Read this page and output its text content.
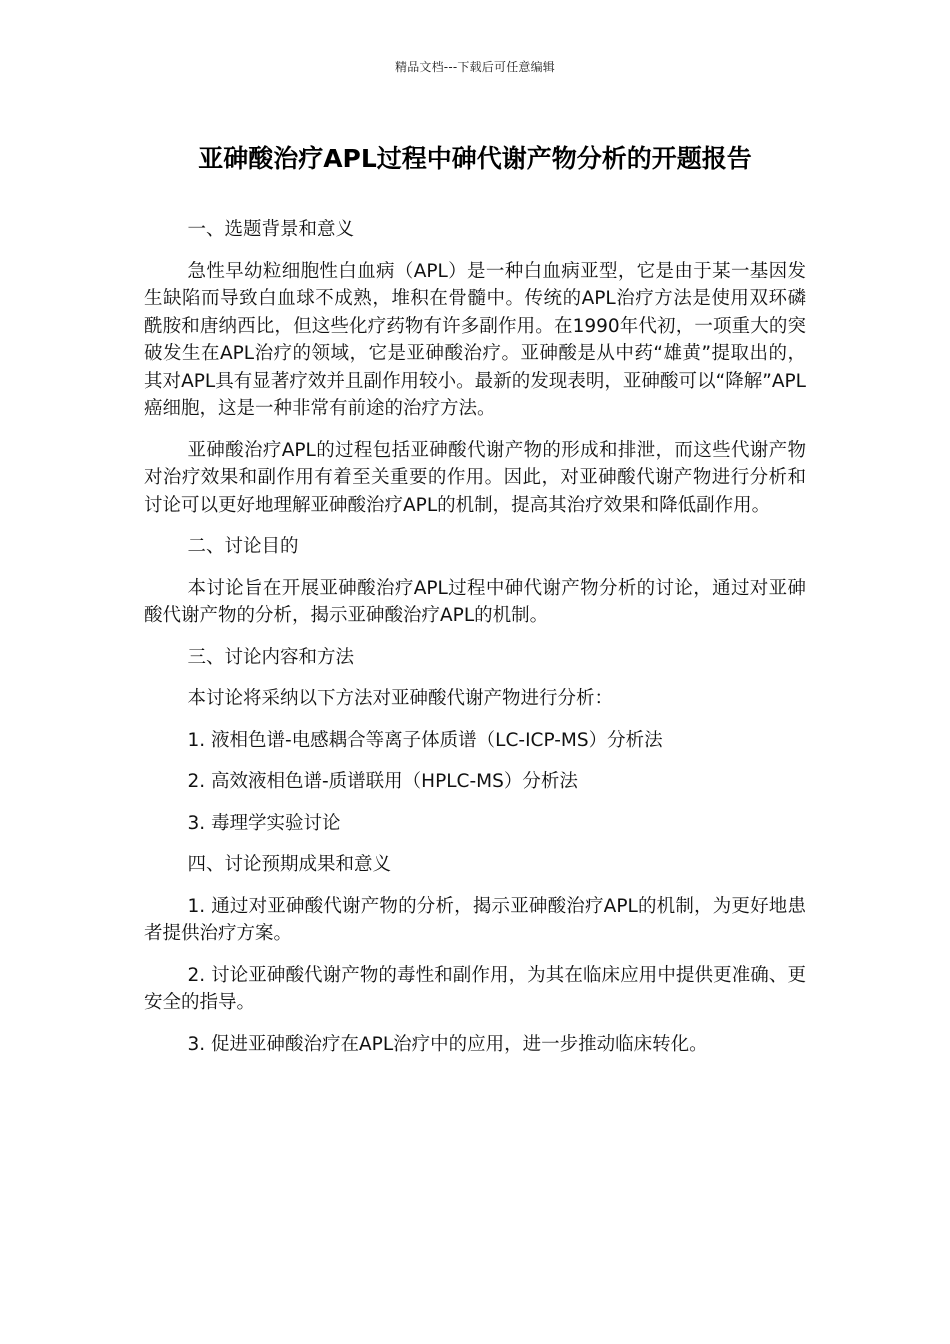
精品文档---下载后可任意编辑
亚砷酸治疗APL过程中砷代谢产物分析的开题报告

一、选题背景和意义

急性早幼粒细胞性白血病（APL）是一种白血病亚型，它是由于某一基因发生缺陷而导致白血球不成熟，堆积在骨髓中。传统的APL治疗方法是使用双环磷酰胺和唐纳西比，但这些化疗药物有许多副作用。在1990年代初，一项重大的突破发生在APL治疗的领域，它是亚砷酸治疗。亚砷酸是从中药“雄黄”提取出的，其对APL具有显著疗效并且副作用较小。最新的发现表明，亚砷酸可以“降解”APL癌细胞，这是一种非常有前途的治疗方法。

亚砷酸治疗APL的过程包括亚砷酸代谢产物的形成和排泄，而这些代谢产物对治疗效果和副作用有着至关重要的作用。因此，对亚砷酸代谢产物进行分析和讨论可以更好地理解亚砷酸治疗APL的机制，提高其治疗效果和降低副作用。

二、讨论目的

本讨论旨在开展亚砷酸治疗APL过程中砷代谢产物分析的讨论，通过对亚砷酸代谢产物的分析，揭示亚砷酸治疗APL的机制。

三、讨论内容和方法

本讨论将采纳以下方法对亚砷酸代谢产物进行分析：

1. 液相色谱-电感耦合等离子体质谱（LC-ICP-MS）分析法

2. 高效液相色谱-质谱联用（HPLC-MS）分析法

3. 毒理学实验讨论

四、讨论预期成果和意义

1. 通过对亚砷酸代谢产物的分析，揭示亚砷酸治疗APL的机制，为更好地患者提供治疗方案。

2. 讨论亚砷酸代谢产物的毒性和副作用，为其在临床应用中提供更准确、更安全的指导。

3. 促进亚砷酸治疗在APL治疗中的应用，进一步推动临床转化。
